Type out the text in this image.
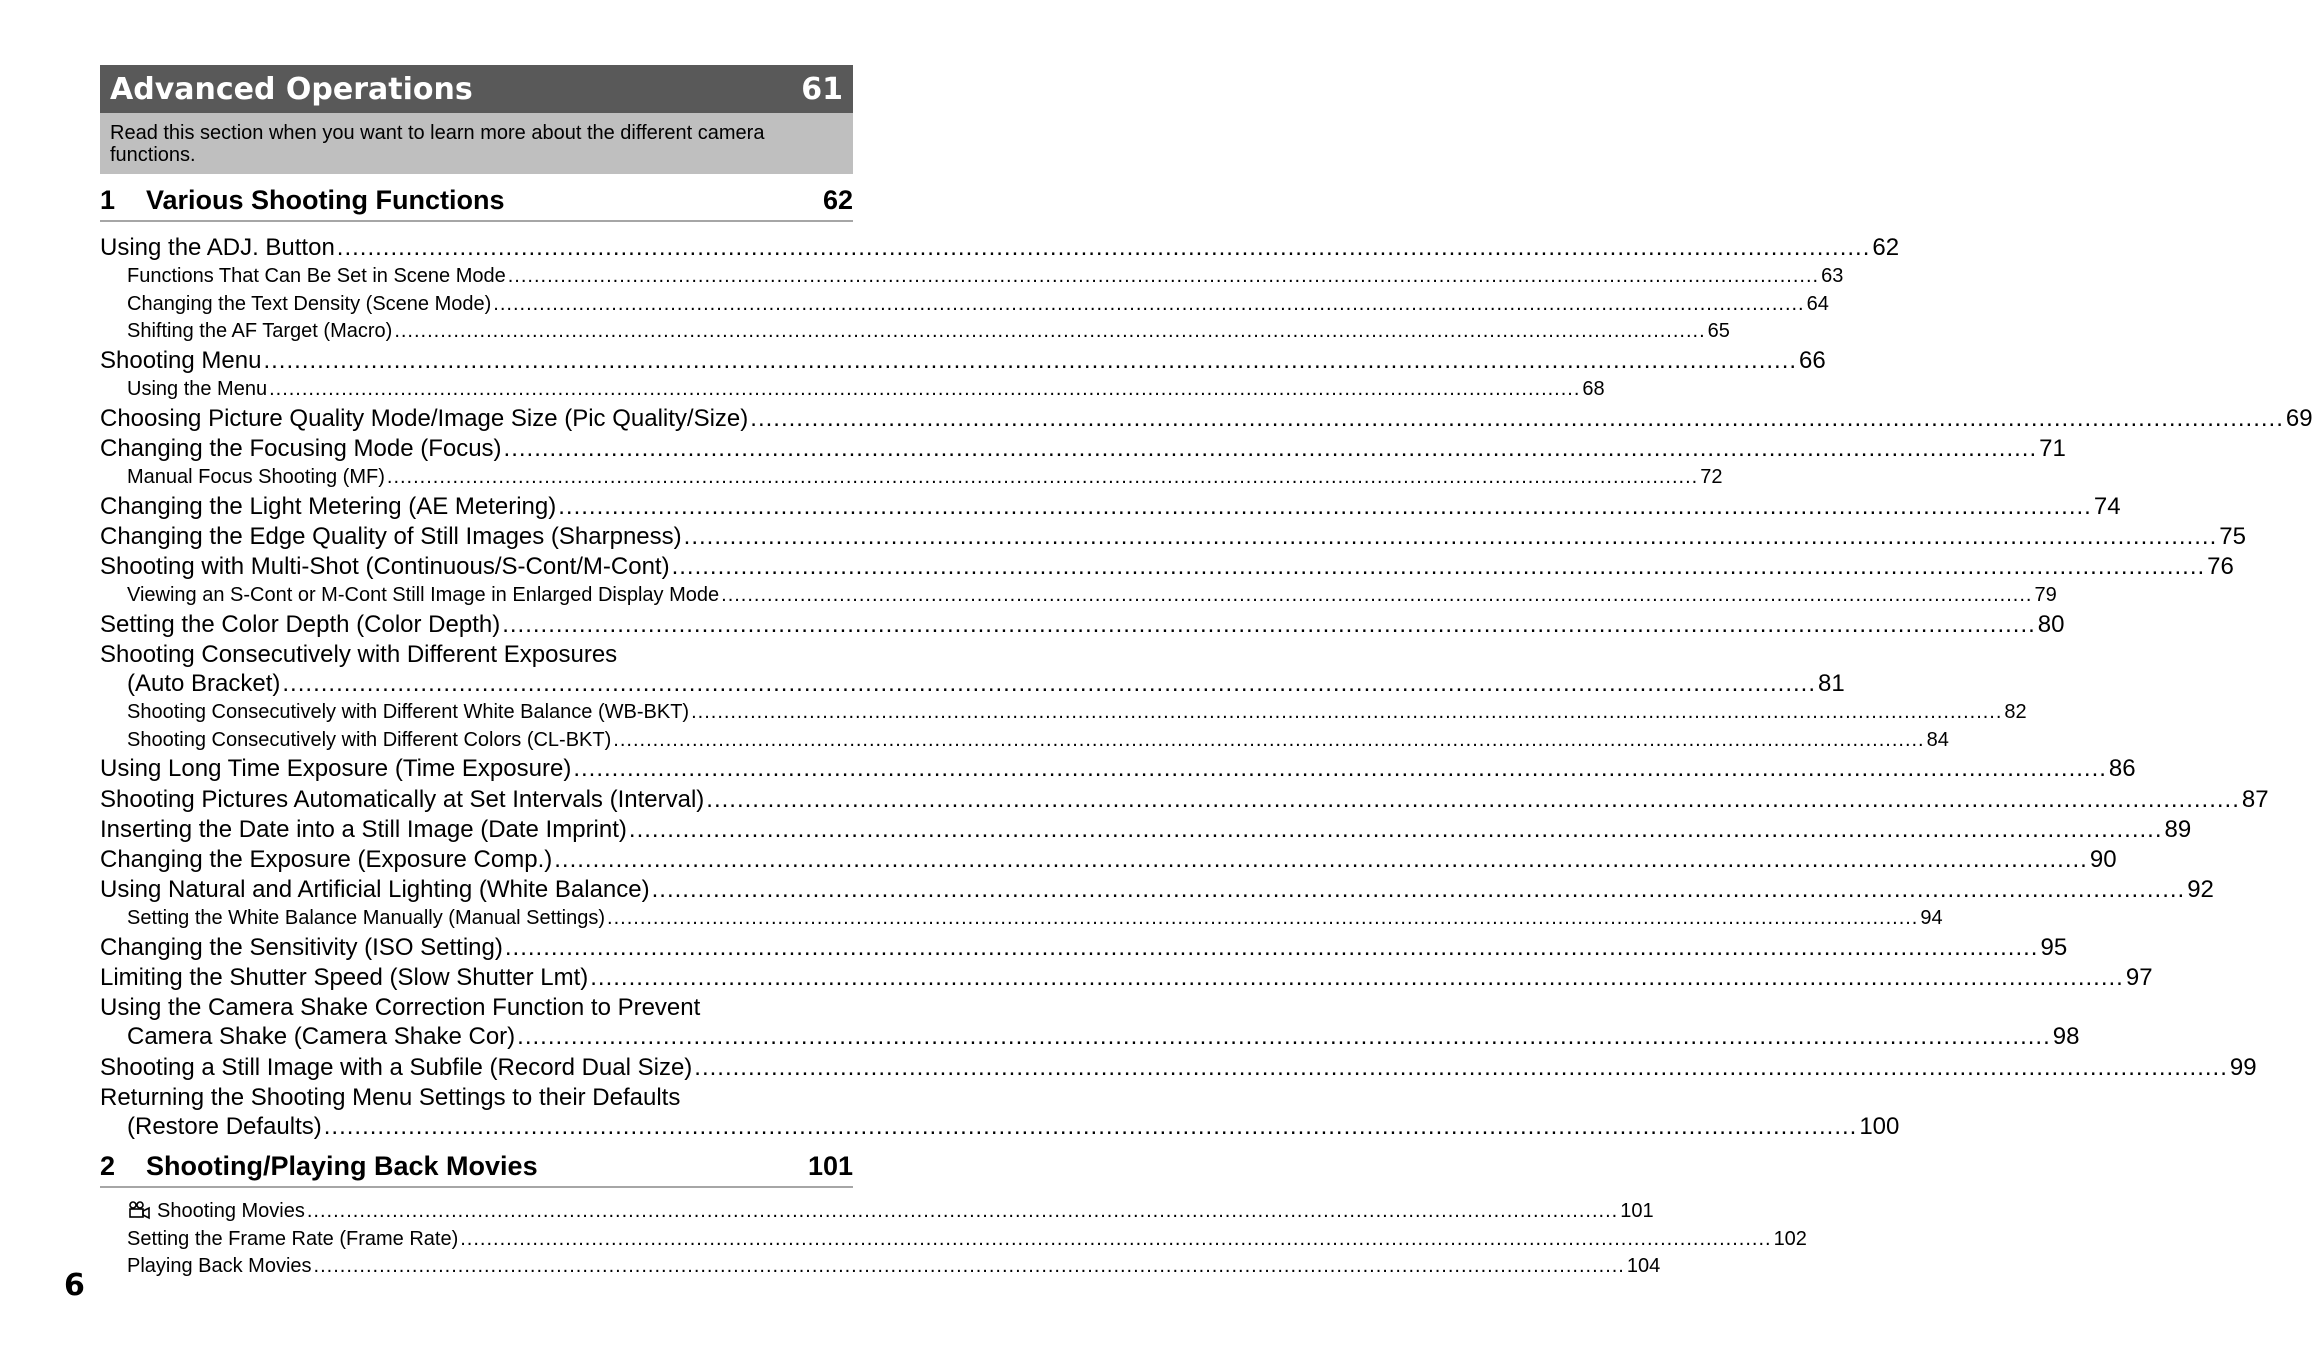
Advanced Operations	61
Read this section when you want to learn more about the different camera functions.
1 Various Shooting Functions	62
Using the ADJ. Button .....	62
Functions That Can Be Set in Scene Mode .....	63
Changing the Text Density (Scene Mode) .....	64
Shifting the AF Target (Macro) .....	65
Shooting Menu .....	66
Using the Menu .....	68
Choosing Picture Quality Mode/Image Size (Pic Quality/Size) .....	69
Changing the Focusing Mode (Focus) .....	71
Manual Focus Shooting (MF) .....	72
Changing the Light Metering (AE Metering) .....	74
Changing the Edge Quality of Still Images (Sharpness) .....	75
Shooting with Multi-Shot (Continuous/S-Cont/M-Cont) .....	76
Viewing an S-Cont or M-Cont Still Image in Enlarged Display Mode .....	79
Setting the Color Depth (Color Depth) .....	80
Shooting Consecutively with Different Exposures
(Auto Bracket) .....	81
Shooting Consecutively with Different White Balance (WB-BKT) .....	82
Shooting Consecutively with Different Colors (CL-BKT) .....	84
Using Long Time Exposure (Time Exposure) .....	86
Shooting Pictures Automatically at Set Intervals (Interval) .....	87
Inserting the Date into a Still Image (Date Imprint) .....	89
Changing the Exposure (Exposure Comp.) .....	90
Using Natural and Artificial Lighting (White Balance) .....	92
Setting the White Balance Manually (Manual Settings) .....	94
Changing the Sensitivity (ISO Setting) .....	95
Limiting the Shutter Speed (Slow Shutter Lmt) .....	97
Using the Camera Shake Correction Function to Prevent
Camera Shake (Camera Shake Cor) .....	98
Shooting a Still Image with a Subfile (Record Dual Size) .....	99
Returning the Shooting Menu Settings to their Defaults
(Restore Defaults) .....	100
2 Shooting/Playing Back Movies	101
Shooting Movies .....	101
Setting the Frame Rate (Frame Rate) .....	102
Playing Back Movies .....	104
6
